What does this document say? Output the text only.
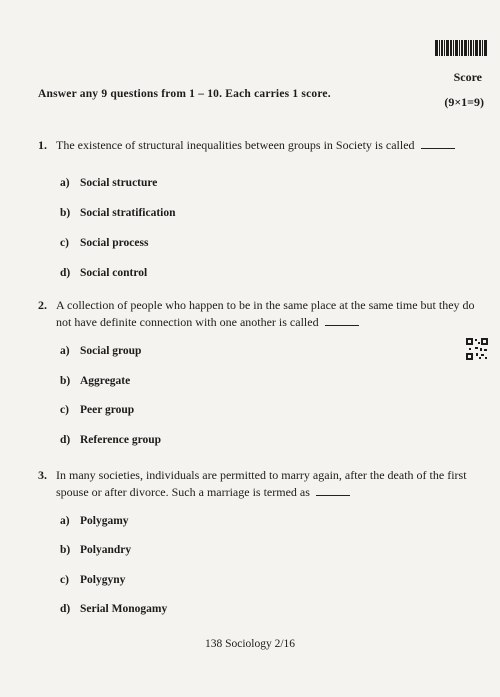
Score
Answer any 9 questions from 1 – 10. Each carries 1 score.
(9×1=9)
1. The existence of structural inequalities between groups in Society is called
a) Social structure
b) Social stratification
c) Social process
d) Social control
2. A collection of people who happen to be in the same place at the same time but they do
not have definite connection with one another is called
a) Social group
b) Aggregate
c) Peer group
d) Reference group
3. In many societies, individuals are permitted to marry again, after the death of the first
spouse or after divorce. Such a marriage is termed as
a) Polygamy
b) Polyandry
c) Polygyny
d) Serial Monogamy
138 Sociology 2/16
